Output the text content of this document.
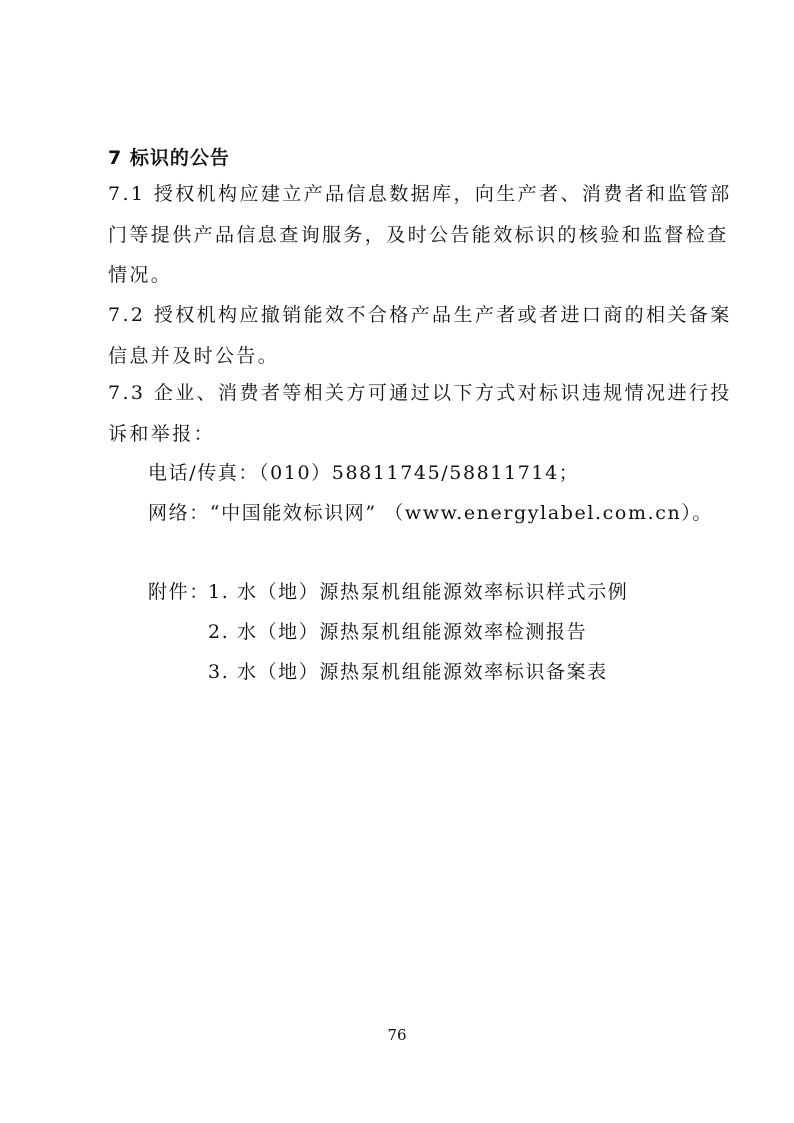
7 标识的公告
7.1 授权机构应建立产品信息数据库，向生产者、消费者和监管部
门等提供产品信息查询服务，及时公告能效标识的核验和监督检查
情况。
7.2 授权机构应撤销能效不合格产品生产者或者进口商的相关备案
信息并及时公告。
7.3 企业、消费者等相关方可通过以下方式对标识违规情况进行投
诉和举报：
电话/传真：（010）58811745/58811714；
网络：“中国能效标识网” （www.energylabel.com.cn）。
附件：
1. 水（地）源热泵机组能源效率标识样式示例
2. 水（地）源热泵机组能源效率检测报告
3. 水（地）源热泵机组能源效率标识备案表
76
